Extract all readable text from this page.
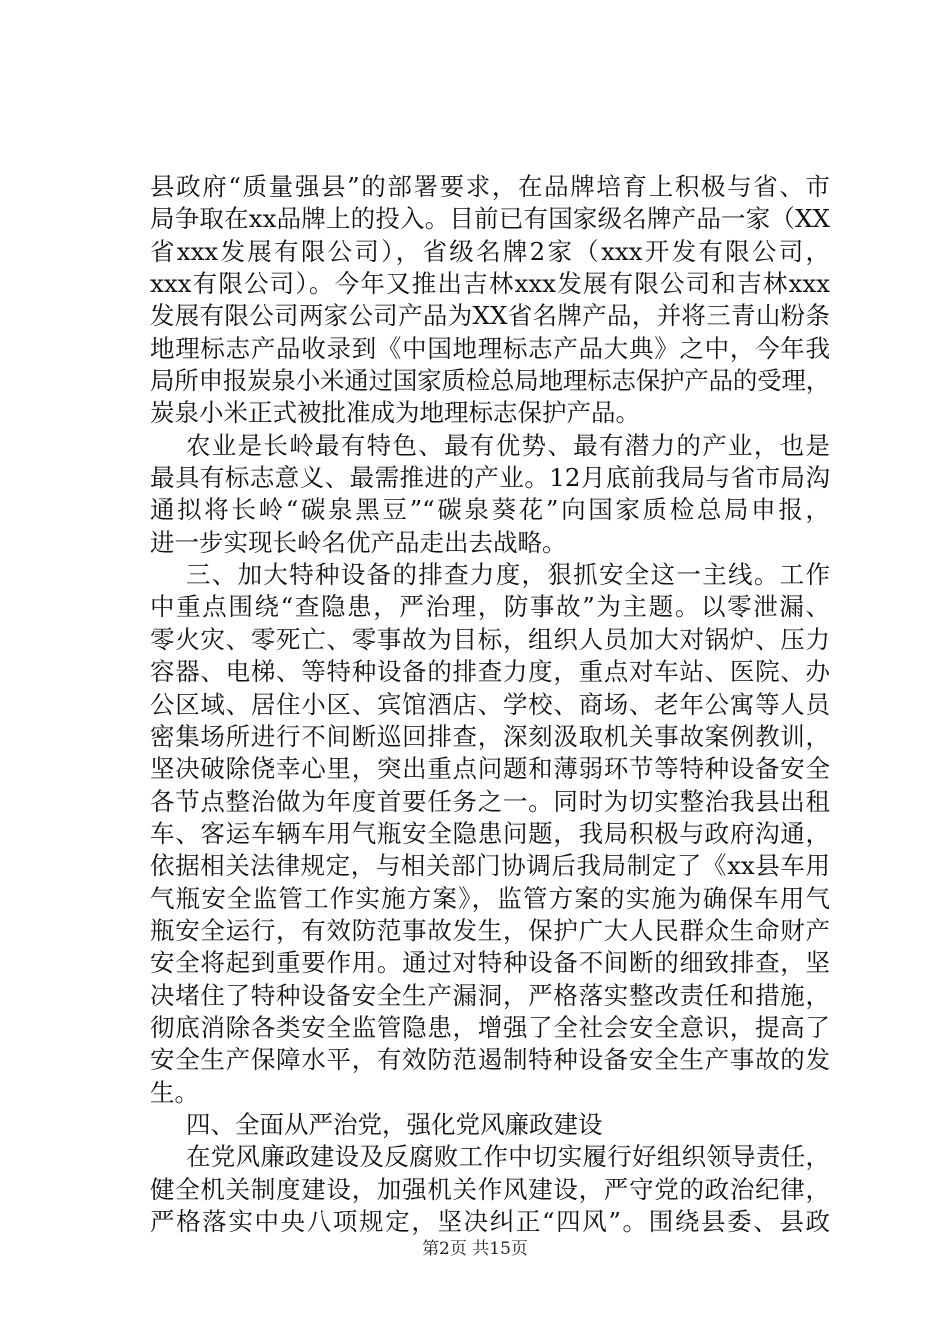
县政府“质量强县”的部署要求，在品牌培育上积极与省、市
局争取在xx品牌上的投入。目前已有国家级名牌产品一家（XX
省xxx发展有限公司），省级名牌2家（xxx开发有限公司，
xxx有限公司）。今年又推出吉林xxx发展有限公司和吉林xxx
发展有限公司两家公司产品为XX省名牌产品，并将三青山粉条
地理标志产品收录到《中国地理标志产品大典》之中，今年我
局所申报炭泉小米通过国家质检总局地理标志保护产品的受理，
炭泉小米正式被批准成为地理标志保护产品。
农业是长岭最有特色、最有优势、最有潜力的产业，也是
最具有标志意义、最需推进的产业。12月底前我局与省市局沟
通拟将长岭“碳泉黑豆”“碳泉葵花”向国家质检总局申报，
进一步实现长岭名优产品走出去战略。
三、加大特种设备的排查力度，狠抓安全这一主线。工作
中重点围绕“查隐患，严治理，防事故”为主题。以零泄漏、
零火灾、零死亡、零事故为目标，组织人员加大对锅炉、压力
容器、电梯、等特种设备的排查力度，重点对车站、医院、办
公区域、居住小区、宾馆酒店、学校、商场、老年公寓等人员
密集场所进行不间断巡回排查，深刻汲取机关事故案例教训，
坚决破除侥幸心里，突出重点问题和薄弱环节等特种设备安全
各节点整治做为年度首要任务之一。同时为切实整治我县出租
车、客运车辆车用气瓶安全隐患问题，我局积极与政府沟通，
依据相关法律规定，与相关部门协调后我局制定了《xx县车用
气瓶安全监管工作实施方案》，监管方案的实施为确保车用气
瓶安全运行，有效防范事故发生，保护广大人民群众生命财产
安全将起到重要作用。通过对特种设备不间断的细致排查，坚
决堵住了特种设备安全生产漏洞，严格落实整改责任和措施，
彻底消除各类安全监管隐患，增强了全社会安全意识，提高了
安全生产保障水平，有效防范遏制特种设备安全生产事故的发
生。
四、全面从严治党，强化党风廉政建设
在党风廉政建设及反腐败工作中切实履行好组织领导责任，
健全机关制度建设，加强机关作风建设，严守党的政治纪律，
严格落实中央八项规定，坚决纠正“四风”。围绕县委、县政
第2页 共15页
